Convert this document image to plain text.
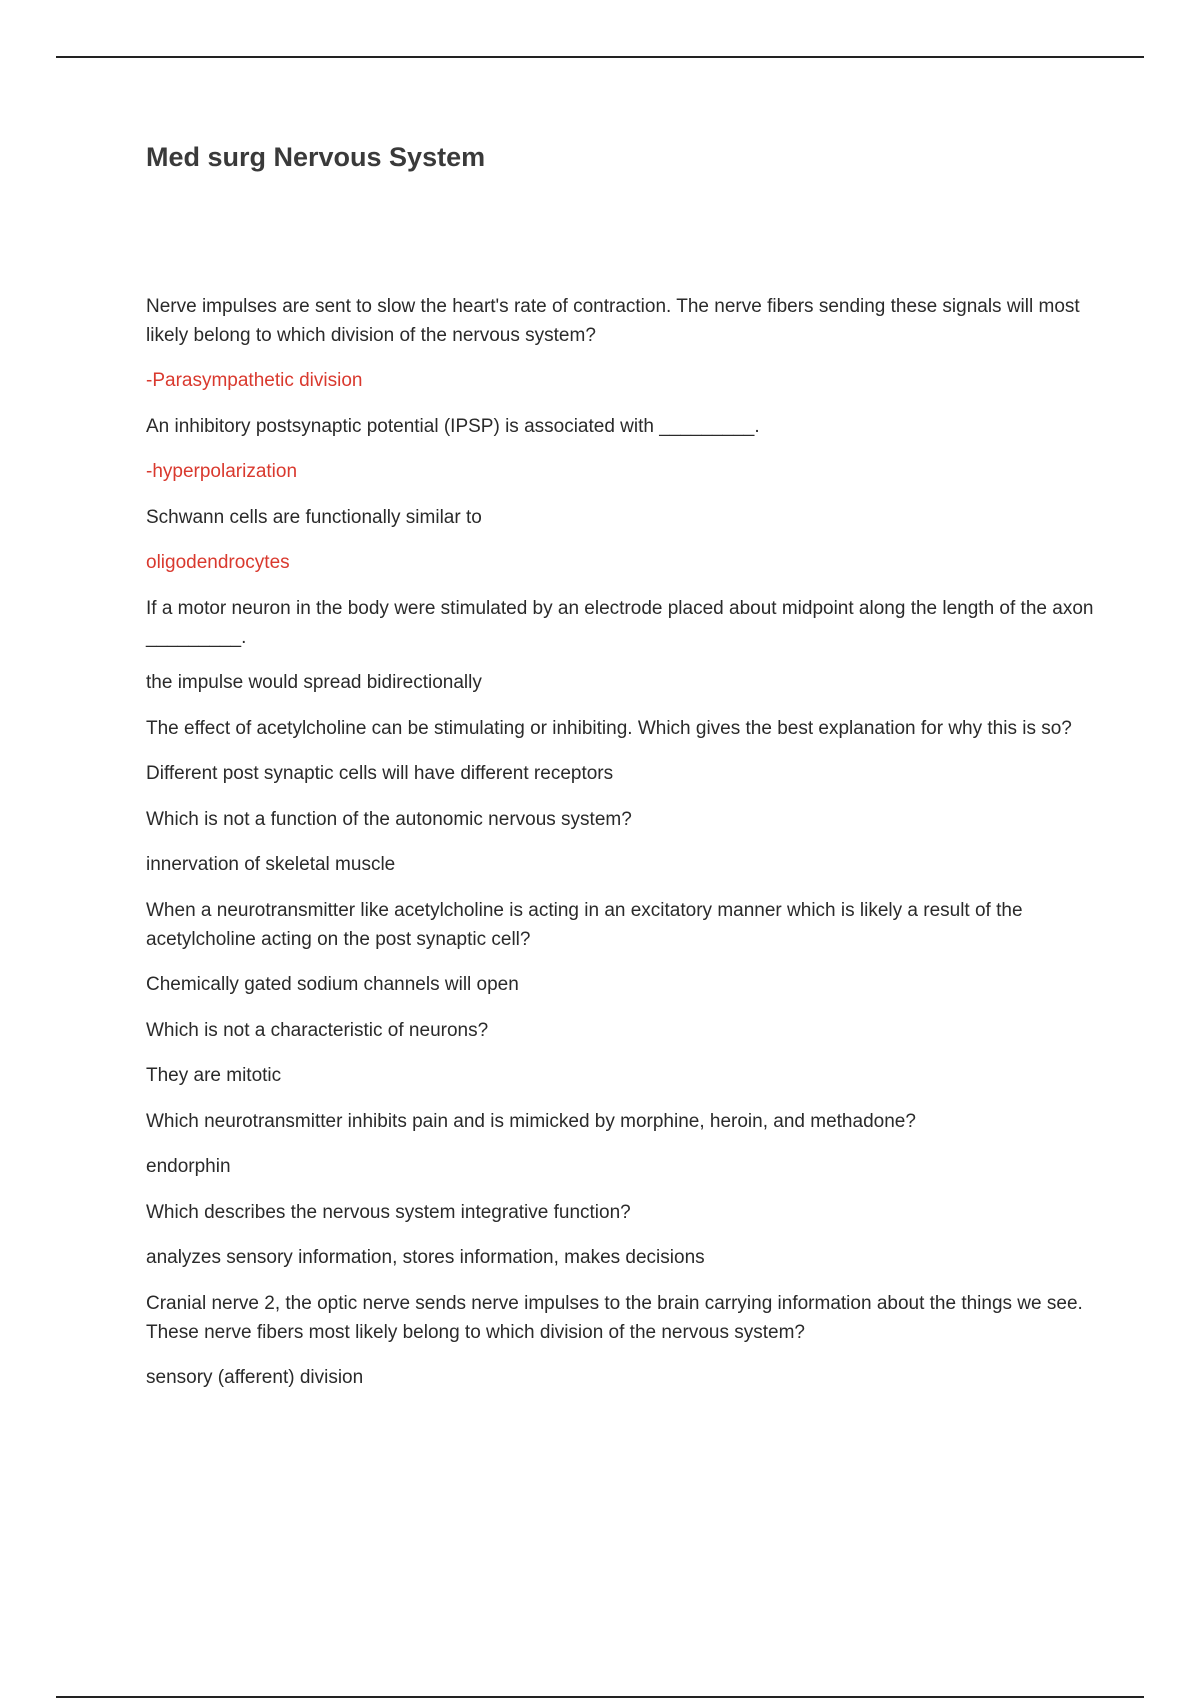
Med surg Nervous System

Nerve impulses are sent to slow the heart's rate of contraction. The nerve fibers sending these signals will most likely belong to which division of the nervous system?

-Parasympathetic division

An inhibitory postsynaptic potential (IPSP) is associated with _________.

-hyperpolarization

Schwann cells are functionally similar to

oligodendrocytes

If a motor neuron in the body were stimulated by an electrode placed about midpoint along the length of the axon _________.

the impulse would spread bidirectionally

The effect of acetylcholine can be stimulating or inhibiting. Which gives the best explanation for why this is so?

Different post synaptic cells will have different receptors

Which is not a function of the autonomic nervous system?

innervation of skeletal muscle

When a neurotransmitter like acetylcholine is acting in an excitatory manner which is likely a result of the acetylcholine acting on the post synaptic cell?

Chemically gated sodium channels will open

Which is not a characteristic of neurons?

They are mitotic

Which neurotransmitter inhibits pain and is mimicked by morphine, heroin, and methadone?

endorphin

Which describes the nervous system integrative function?

analyzes sensory information, stores information, makes decisions

Cranial nerve 2, the optic nerve sends nerve impulses to the brain carrying information about the things we see. These nerve fibers most likely belong to which division of the nervous system?

sensory (afferent) division
